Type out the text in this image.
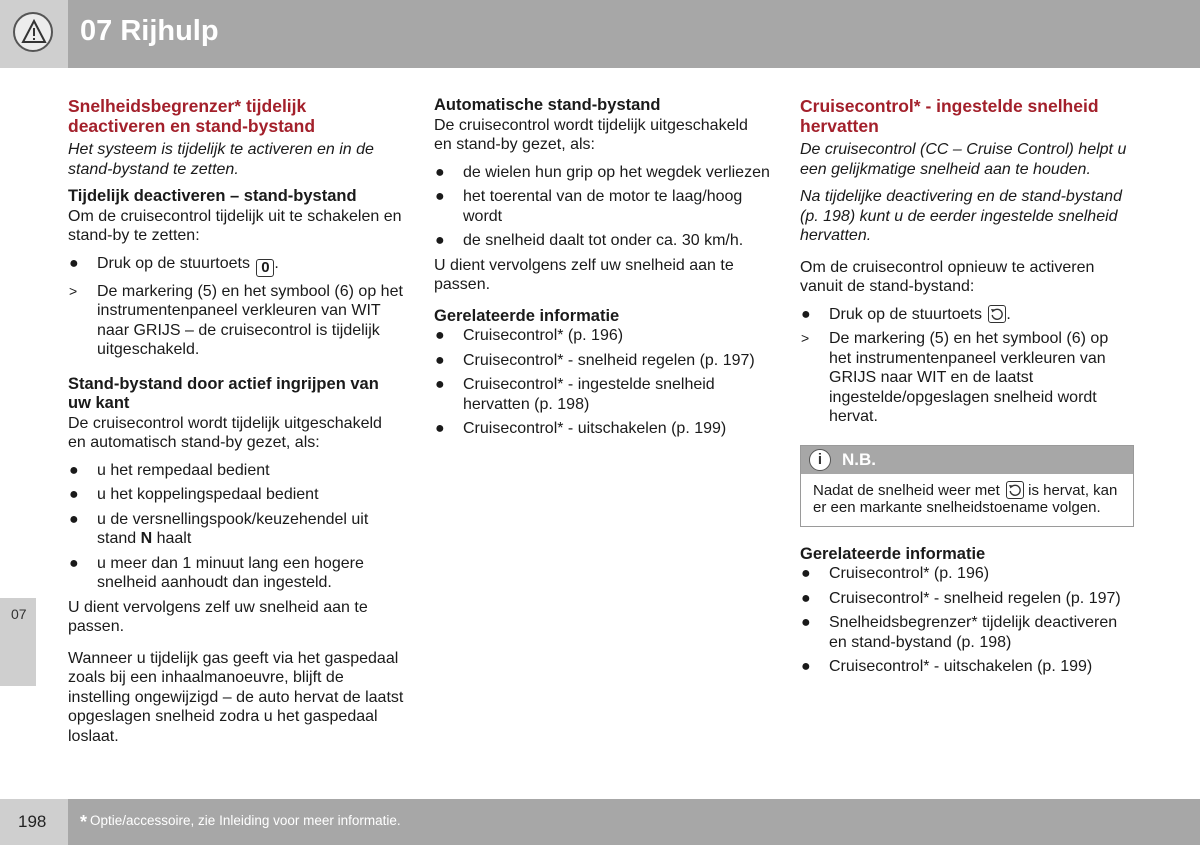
07 Rijhulp
07
Snelheidsbegrenzer* tijdelijk deactiveren en stand-bystand

Het systeem is tijdelijk te activeren en in de stand-bystand te zetten.

Tijdelijk deactiveren – stand-bystand

Om de cruisecontrol tijdelijk uit te schakelen en stand-by te zetten:

● Druk op de stuurtoets 0 .
> De markering (5) en het symbool (6) op het instrumentenpaneel verkleuren van WIT naar GRIJS – de cruisecontrol is tijdelijk uitgeschakeld.
Stand-bystand door actief ingrijpen van uw kant

De cruisecontrol wordt tijdelijk uitgeschakeld en automatisch stand-by gezet, als:

● u het rempedaal bedient
● u het koppelingspedaal bedient
● u de versnellingspook/keuzehendel uit stand N haalt
● u meer dan 1 minuut lang een hogere snelheid aanhoudt dan ingesteld.

U dient vervolgens zelf uw snelheid aan te passen.

Wanneer u tijdelijk gas geeft via het gaspedaal zoals bij een inhaalmanoeuvre, blijft de instelling ongewijzigd – de auto hervat de laatst opgeslagen snelheid zodra u het gaspedaal loslaat.

Automatische stand-bystand

De cruisecontrol wordt tijdelijk uitgeschakeld en stand-by gezet, als:

● de wielen hun grip op het wegdek verliezen
● het toerental van de motor te laag/hoog wordt
● de snelheid daalt tot onder ca. 30 km/h.

U dient vervolgens zelf uw snelheid aan te passen.

Gerelateerde informatie
● Cruisecontrol* (p. 196)
● Cruisecontrol* - snelheid regelen (p. 197)
● Cruisecontrol* - ingestelde snelheid hervatten (p. 198)
● Cruisecontrol* - uitschakelen (p. 199)
Cruisecontrol* - ingestelde snelheid hervatten

De cruisecontrol (CC – Cruise Control) helpt u een gelijkmatige snelheid aan te houden.

Na tijdelijke deactivering en de stand-bystand (p. 198) kunt u de eerder ingestelde snelheid hervatten.

Om de cruisecontrol opnieuw te activeren vanuit de stand-bystand:

● Druk op de stuurtoets .
> De markering (5) en het symbool (6) op het instrumentenpaneel verkleuren van GRIJS naar WIT en de laatst ingestelde/opgeslagen snelheid wordt hervat.
i	N.B.
Nadat de snelheid weer met is hervat, kan er een markante snelheidstoename volgen.
Gerelateerde informatie
● Cruisecontrol* (p. 196)
● Cruisecontrol* - snelheid regelen (p. 197)
● Snelheidsbegrenzer* tijdelijk deactiveren en stand-bystand (p. 198)
● Cruisecontrol* - uitschakelen (p. 199)
198 * Optie/accessoire, zie Inleiding voor meer informatie.
